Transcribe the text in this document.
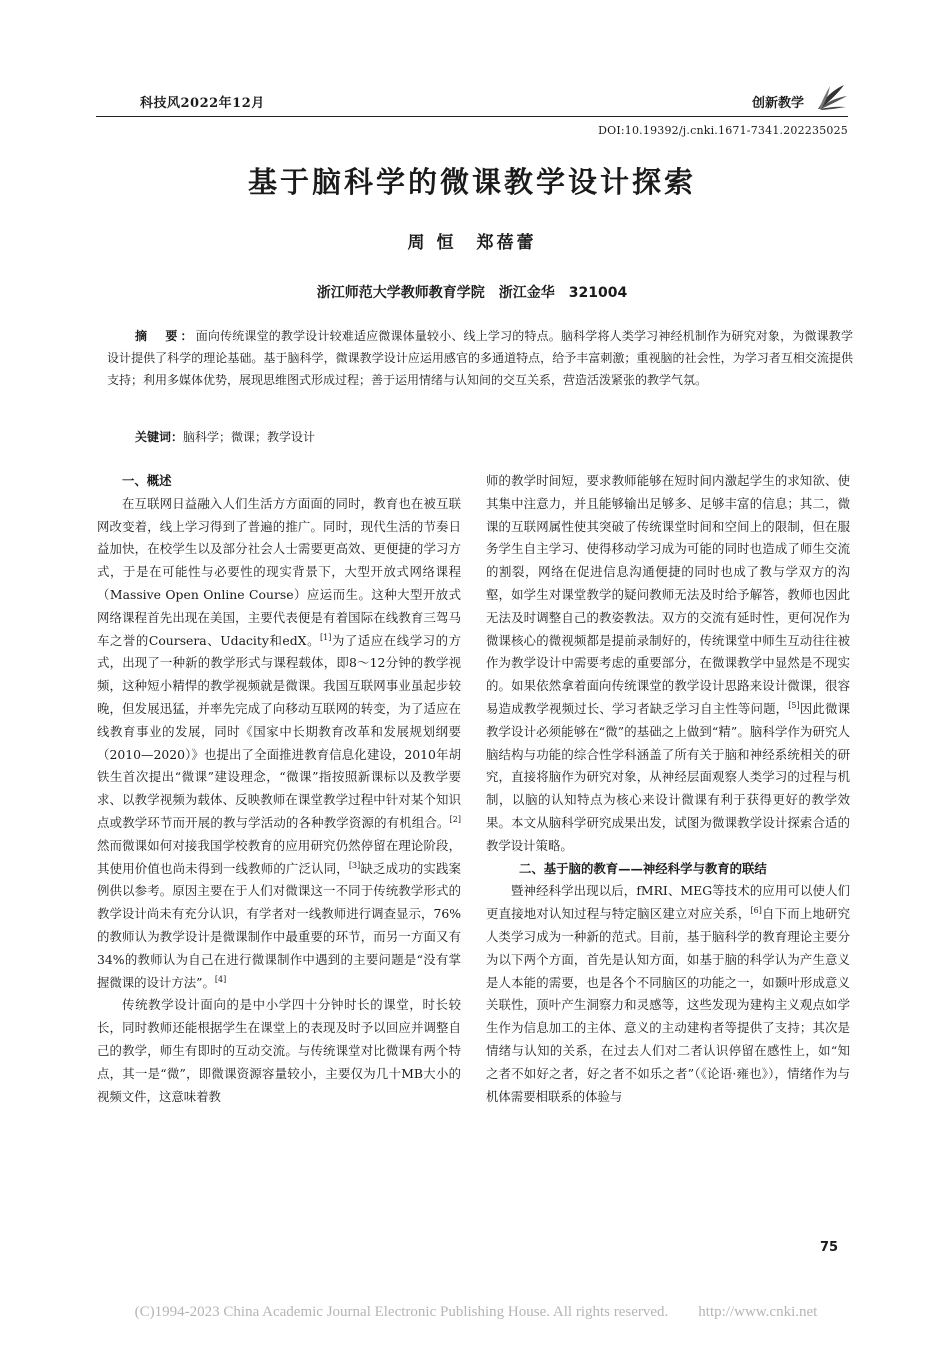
科技风2022年12月	创新教学
DOI:10.19392/j.cnki.1671-7341.202235025
基于脑科学的微课教学设计探索
周 恒　郑蓓蕾
浙江师范大学教师教育学院　浙江金华　321004
摘　要：面向传统课堂的教学设计较难适应微课体量较小、线上学习的特点。脑科学将人类学习神经机制作为研究对象，为微课教学设计提供了科学的理论基础。基于脑科学，微课教学设计应运用感官的多通道特点，给予丰富刺激；重视脑的社会性，为学习者互相交流提供支持；利用多媒体优势，展现思维图式形成过程；善于运用情绪与认知间的交互关系，营造活泼紧张的教学气氛。
关键词：脑科学；微课；教学设计
一、概述

在互联网日益融入人们生活方方面面的同时，教育也在被互联网改变着，线上学习得到了普遍的推广。同时，现代生活的节奏日益加快，在校学生以及部分社会人士需要更高效、更便捷的学习方式，于是在可能性与必要性的现实背景下，大型开放式网络课程（Massive Open Online Course）应运而生。这种大型开放式网络课程首先出现在美国，主要代表便是有着国际在线教育三驾马车之誉的Coursera、Udacity和edX。[1]为了适应在线学习的方式，出现了一种新的教学形式与课程载体，即8～12分钟的教学视频，这种短小精悍的教学视频就是微课。我国互联网事业虽起步较晚，但发展迅猛，并率先完成了向移动互联网的转变，为了适应在线教育事业的发展，同时《国家中长期教育改革和发展规划纲要（2010—2020）》也提出了全面推进教育信息化建设，2010年胡铁生首次提出“微课”建设理念，“微课”指按照新课标以及教学要求、以教学视频为载体、反映教师在课堂教学过程中针对某个知识点或教学环节而开展的教与学活动的各种教学资源的有机组合。[2]然而微课如何对接我国学校教育的应用研究仍然停留在理论阶段，其使用价值也尚未得到一线教师的广泛认同，[3]缺乏成功的实践案例供以参考。原因主要在于人们对微课这一不同于传统教学形式的教学设计尚未有充分认识，有学者对一线教师进行调查显示，76%的教师认为教学设计是微课制作中最重要的环节，而另一方面又有34%的教师认为自己在进行微课制作中遇到的主要问题是“没有掌握微课的设计方法”。[4]

传统教学设计面向的是中小学四十分钟时长的课堂，时长较长，同时教师还能根据学生在课堂上的表现及时予以回应并调整自己的教学，师生有即时的互动交流。与传统课堂对比微课有两个特点，其一是“微”，即微课资源容量较小，主要仅为几十MB大小的视频文件，这意味着教

师的教学时间短，要求教师能够在短时间内激起学生的求知欲、使其集中注意力，并且能够输出足够多、足够丰富的信息；其二，微课的互联网属性使其突破了传统课堂时间和空间上的限制，但在服务学生自主学习、使得移动学习成为可能的同时也造成了师生交流的割裂，网络在促进信息沟通便捷的同时也成了教与学双方的沟壑，如学生对课堂教学的疑问教师无法及时给予解答，教师也因此无法及时调整自己的教姿教法。双方的交流有延时性，更何况作为微课核心的微视频都是提前录制好的，传统课堂中师生互动往往被作为教学设计中需要考虑的重要部分，在微课教学中显然是不现实的。如果依然拿着面向传统课堂的教学设计思路来设计微课，很容易造成教学视频过长、学习者缺乏学习自主性等问题，[5]因此微课教学设计必须能够在“微”的基础之上做到“精”。脑科学作为研究人脑结构与功能的综合性学科涵盖了所有关于脑和神经系统相关的研究，直接将脑作为研究对象，从神经层面观察人类学习的过程与机制，以脑的认知特点为核心来设计微课有利于获得更好的教学效果。本文从脑科学研究成果出发，试图为微课教学设计探索合适的教学设计策略。

二、基于脑的教育——神经科学与教育的联结

暨神经科学出现以后，fMRI、MEG等技术的应用可以使人们更直接地对认知过程与特定脑区建立对应关系，[6]自下而上地研究人类学习成为一种新的范式。目前，基于脑科学的教育理论主要分为以下两个方面，首先是认知方面，如基于脑的科学认为产生意义是人本能的需要，也是各个不同脑区的功能之一，如颞叶形成意义关联性，顶叶产生洞察力和灵感等，这些发现为建构主义观点如学生作为信息加工的主体、意义的主动建构者等提供了支持；其次是情绪与认知的关系，在过去人们对二者认识停留在感性上，如“知之者不如好之者，好之者不如乐之者”（《论语·雍也》），情绪作为与机体需要相联系的体验与

75
(C)1994-2023 China Academic Journal Electronic Publishing House. All rights reserved.　　http://www.cnki.net
